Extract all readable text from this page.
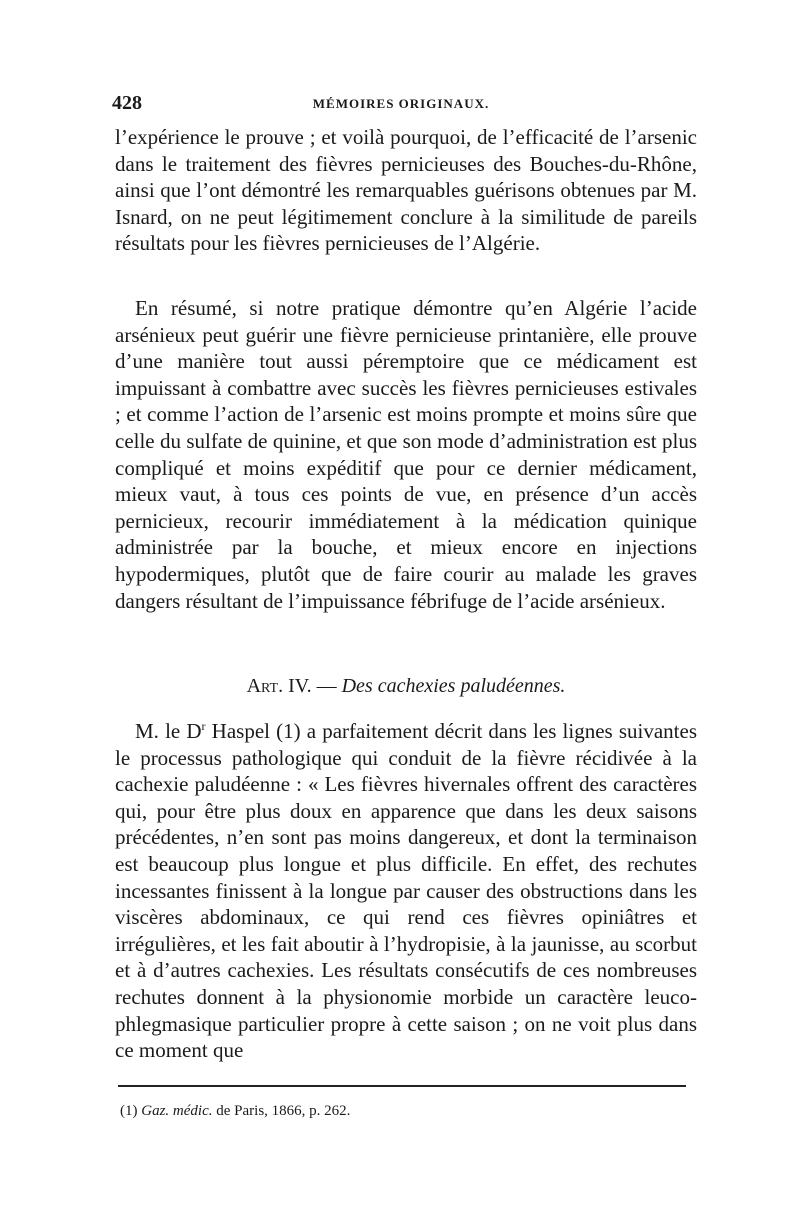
428	MÉMOIRES ORIGINAUX.

l’expérience le prouve ; et voilà pourquoi, de l’efficacité de l’arsenic dans le traitement des fièvres pernicieuses des Bouches-du-Rhône, ainsi que l’ont démontré les remarquables guérisons obtenues par M. Isnard, on ne peut légitimement conclure à la similitude de pareils résultats pour les fièvres pernicieuses de l’Algérie.

En résumé, si notre pratique démontre qu’en Algérie l’acide arsénieux peut guérir une fièvre pernicieuse printanière, elle prouve d’une manière tout aussi péremptoire que ce médicament est impuissant à combattre avec succès les fièvres pernicieuses estivales ; et comme l’action de l’arsenic est moins prompte et moins sûre que celle du sulfate de quinine, et que son mode d’administration est plus compliqué et moins expéditif que pour ce dernier médicament, mieux vaut, à tous ces points de vue, en présence d’un accès pernicieux, recourir immédiatement à la médication quinique administrée par la bouche, et mieux encore en injections hypodermiques, plutôt que de faire courir au malade les graves dangers résultant de l’impuissance fébrifuge de l’acide arsénieux.

Art. IV. — Des cachexies paludéennes.

M. le $D^r$ Haspel (1) a parfaitement décrit dans les lignes suivantes le processus pathologique qui conduit de la fièvre récidivée à la cachexie paludéenne : « Les fièvres hivernales offrent des caractères qui, pour être plus doux en apparence que dans les deux saisons précédentes, n’en sont pas moins dangereux, et dont la terminaison est beaucoup plus longue et plus difficile. En effet, des rechutes incessantes finissent à la longue par causer des obstructions dans les viscères abdominaux, ce qui rend ces fièvres opiniâtres et irrégulières, et les fait aboutir à l’hydropisie, à la jaunisse, au scorbut et à d’autres cachexies. Les résultats consécutifs de ces nombreuses rechutes donnent à la physionomie morbide un caractère leuco-phlegmasique particulier propre à cette saison ; on ne voit plus dans ce moment que

(1) Gaz. médic. de Paris, 1866, p. 262.
